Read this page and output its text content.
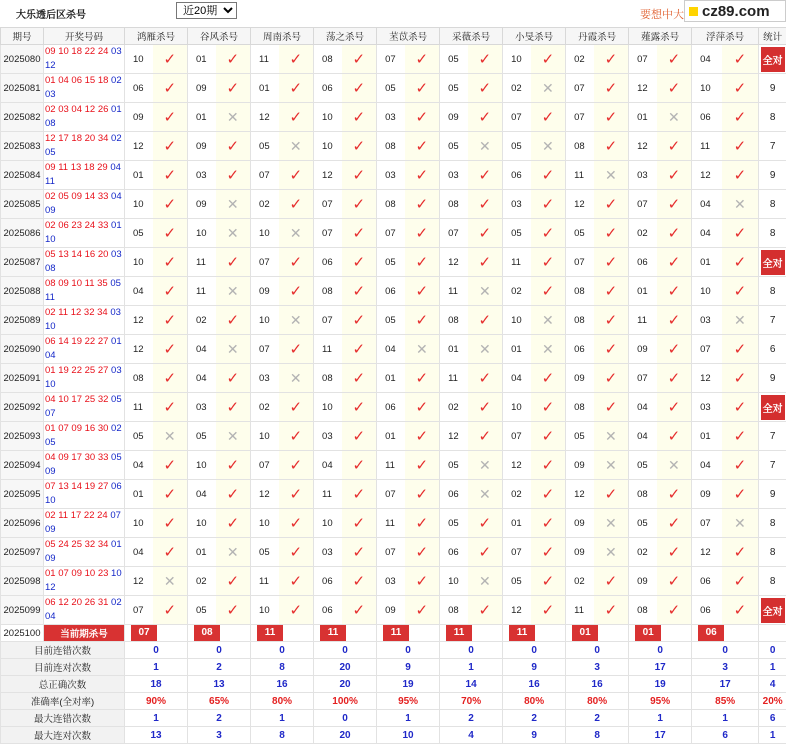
大乐透后区杀号
近20期	要想中大 cz89.com
期号	开奖号码	鸿雁杀号		谷风杀号		周南杀号		荡之杀号		苤苡杀号		采薇杀号		小旻杀号		丹霞杀号		薤露杀号		浮萍杀号		统计
2025080	09 10 18 22 24 03 12	10	✓	01	✓	11	✓	08	✓	07	✓	05	✓	10	✓	02	✓	07	✓	04	✓	全对
2025081	01 04 06 15 18 02 03	06	✓	09	✓	01	✓	06	✓	05	✓	05	✓	02	✕	07	✓	12	✓	10	✓	9
2025082	02 03 04 12 26 01 08	09	✓	01	✕	12	✓	10	✓	03	✓	09	✓	07	✓	07	✓	01	✕	06	✓	8
2025083	12 17 18 20 34 02 05	12	✓	09	✓	05	✕	10	✓	08	✓	05	✕	05	✕	08	✓	12	✓	11	✓	7
2025084	09 11 13 18 29 04 11	01	✓	03	✓	07	✓	12	✓	03	✓	03	✓	06	✓	11	✕	03	✓	12	✓	9
2025085	02 05 09 14 33 04 09	10	✓	09	✕	02	✓	07	✓	08	✓	08	✓	03	✓	12	✓	07	✓	04	✕	8
2025086	02 06 23 24 33 01 10	05	✓	10	✕	10	✕	07	✓	07	✓	07	✓	05	✓	05	✓	02	✓	04	✓	8
2025087	05 13 14 16 20 03 08	10	✓	11	✓	07	✓	06	✓	05	✓	12	✓	11	✓	07	✓	06	✓	01	✓	全对
2025088	08 09 10 11 35 05 11	04	✓	11	✕	09	✓	08	✓	06	✓	11	✕	02	✓	08	✓	01	✓	10	✓	8
2025089	02 11 12 32 34 03 10	12	✓	02	✓	10	✕	07	✓	05	✓	08	✓	10	✕	08	✓	11	✓	03	✕	7
2025090	06 14 19 22 27 01 04	12	✓	04	✕	07	✓	11	✓	04	✕	01	✕	01	✕	06	✓	09	✓	07	✓	6
2025091	01 19 22 25 27 03 10	08	✓	04	✓	03	✕	08	✓	01	✓	11	✓	04	✓	09	✓	07	✓	12	✓	9
2025092	04 10 17 25 32 05 07	11	✓	03	✓	02	✓	10	✓	06	✓	02	✓	10	✓	08	✓	04	✓	03	✓	全对
2025093	01 07 09 16 30 02 05	05	✕	05	✕	10	✓	03	✓	01	✓	12	✓	07	✓	05	✕	04	✓	01	✓	7
2025094	04 09 17 30 33 05 09	04	✓	10	✓	07	✓	04	✓	11	✓	05	✕	12	✓	09	✕	05	✕	04	✓	7
2025095	07 13 14 19 27 06 10	01	✓	04	✓	12	✓	11	✓	07	✓	06	✕	02	✓	12	✓	08	✓	09	✓	9
2025096	02 11 17 22 24 07 09	10	✓	10	✓	10	✓	10	✓	11	✓	05	✓	01	✓	09	✕	05	✓	07	✕	8
2025097	05 24 25 32 34 01 09	04	✓	01	✕	05	✓	03	✓	07	✓	06	✓	07	✓	09	✕	02	✓	12	✓	8
2025098	01 07 09 10 23 10 12	12	✕	02	✓	11	✓	06	✓	03	✓	10	✕	05	✓	02	✓	09	✓	06	✓	8
2025099	06 12 20 26 31 02 04	07	✓	05	✓	10	✓	06	✓	09	✓	08	✓	12	✓	11	✓	08	✓	06	✓	全对
2025100	当前期杀号	07		08		11		11		11		11		11		01		01		06		
目前连错次数		0		0		0		0		0		0		0		0		0		0		0
目前连对次数		1		2		8		20		9		1		9		3		17		3		1
总正确次数		18		13		16		20		19		14		16		16		19		17		4
准确率(全对率)		90%		65%		80%		100%		95%		70%		80%		80%		95%		85%		20%
最大连错次数		1		2		1		0		1		2		2		2		1		1		6
最大连对次数		13		3		8		20		10		4		9		8		17		6		1
